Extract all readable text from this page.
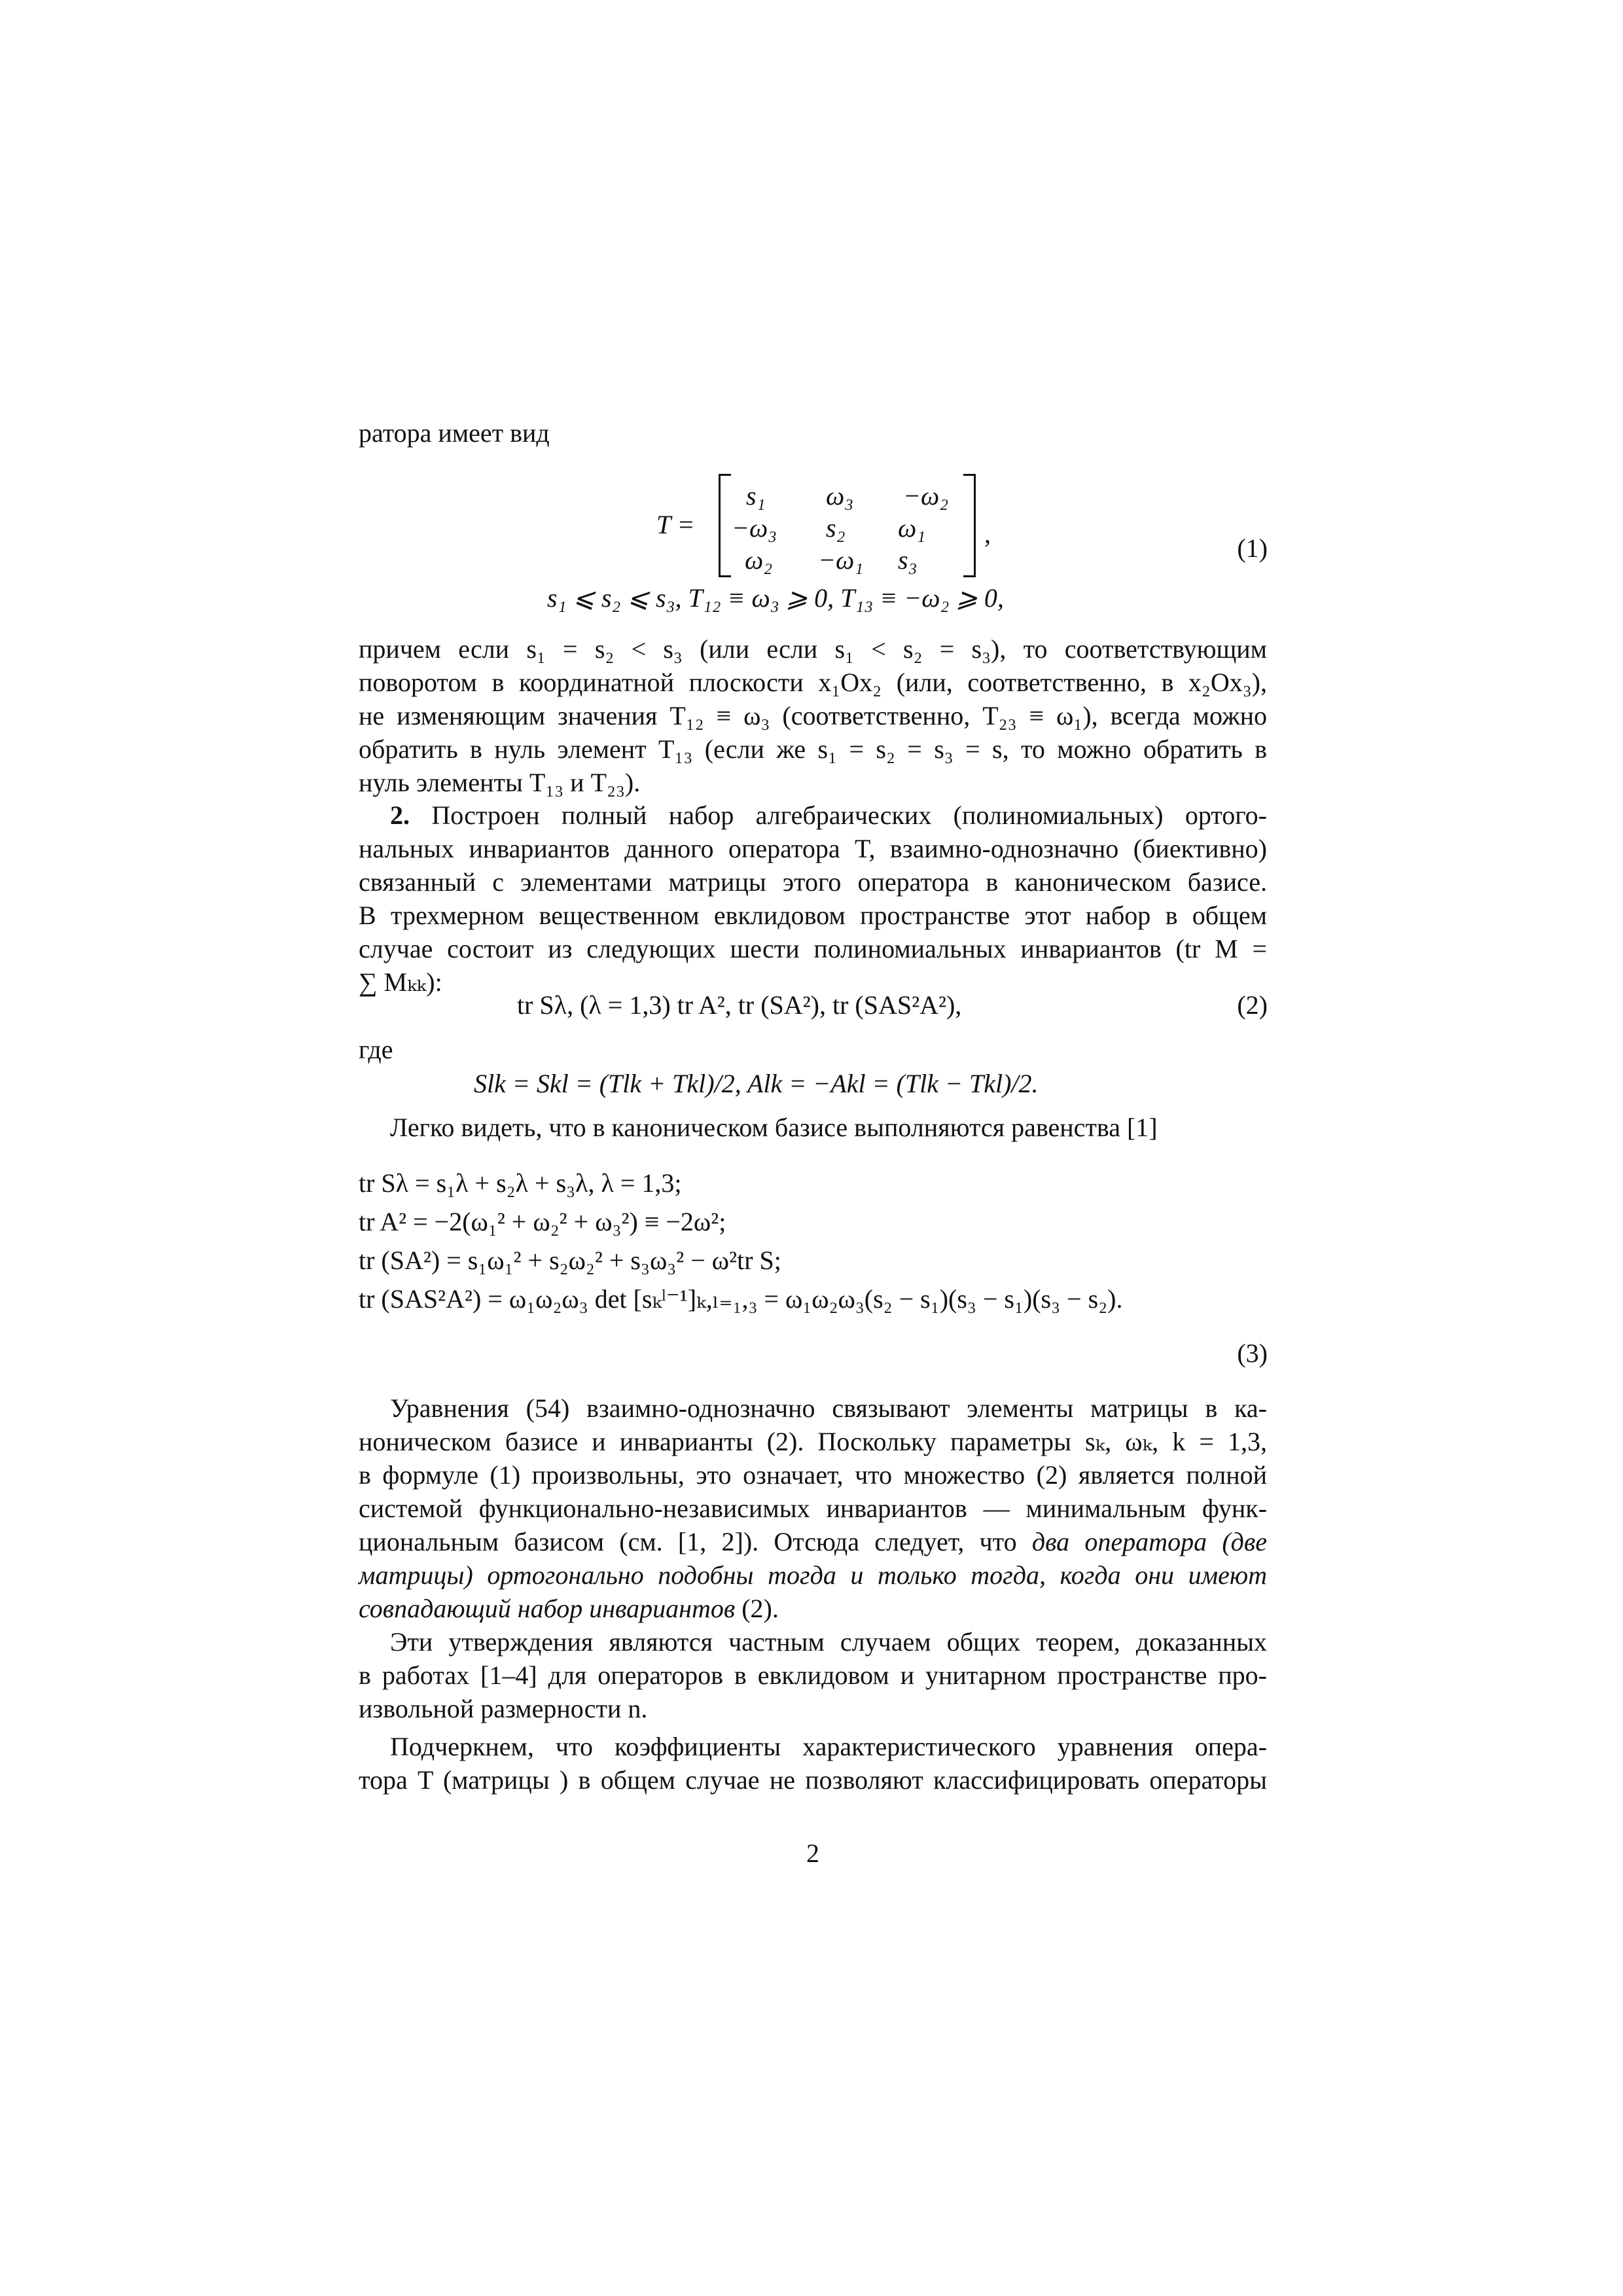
ратора имеет вид
T =
s₁ ω₃ −ω₂
−ω₃ s₂ ω₁
ω₂ −ω₁ s₃
,
s₁ ⩽ s₂ ⩽ s₃, T₁₂ ≡ ω₃ ⩾ 0, T₁₃ ≡ −ω₂ ⩾ 0,
(1)
причем если s₁ = s₂ < s₃ (или если s₁ < s₂ = s₃), то соответствующим
поворотом в координатной плоскости x₁Ox₂ (или, соответственно, в x₂Ox₃),
не изменяющим значения T₁₂ ≡ ω₃ (соответственно, T₂₃ ≡ ω₁), всегда можно
обратить в нуль элемент T₁₃ (если же s₁ = s₂ = s₃ = s, то можно обратить в
нуль элементы T₁₃ и T₂₃).
2. Построен полный набор алгебраических (полиномиальных) ортого-
нальных инвариантов данного оператора T, взаимно-однозначно (биективно)
связанный с элементами матрицы этого оператора в каноническом базисе.
В трехмерном вещественном евклидовом пространстве этот набор в общем
случае состоит из следующих шести полиномиальных инвариантов (tr M =
∑ Mₖₖ):
tr Sλ, (λ = 1,3) tr A², tr (SA²), tr (SAS²A²),	(2)
где
Slk = Skl = (Tlk + Tkl)/2, Alk = −Akl = (Tlk − Tkl)/2.
Легко видеть, что в каноническом базисе выполняются равенства [1]
tr Sλ = s₁λ + s₂λ + s₃λ, λ = 1,3;
tr A² = −2(ω₁² + ω₂² + ω₃²) ≡ −2ω²;
tr (SA²) = s₁ω₁² + s₂ω₂² + s₃ω₃² − ω²tr S;
tr (SAS²A²) = ω₁ω₂ω₃ det [sₖˡ⁻¹]ₖ,ₗ₌₁,₃ = ω₁ω₂ω₃(s₂ − s₁)(s₃ − s₁)(s₃ − s₂).
(3)
Уравнения (54) взаимно-однозначно связывают элементы матрицы в ка-
ноническом базисе и инварианты (2). Поскольку параметры sₖ, ωₖ, k = 1,3,
в формуле (1) произвольны, это означает, что множество (2) является полной
системой функционально-независимых инвариантов — минимальным функ-
циональным базисом (см. [1, 2]). Отсюда следует, что два оператора (две
матрицы) ортогонально подобны тогда и только тогда, когда они имеют
совпадающий набор инвариантов (2).
Эти утверждения являются частным случаем общих теорем, доказанных
в работах [1–4] для операторов в евклидовом и унитарном пространстве про-
извольной размерности n.
Подчеркнем, что коэффициенты характеристического уравнения опера-
тора T (матрицы ) в общем случае не позволяют классифицировать операторы
2
